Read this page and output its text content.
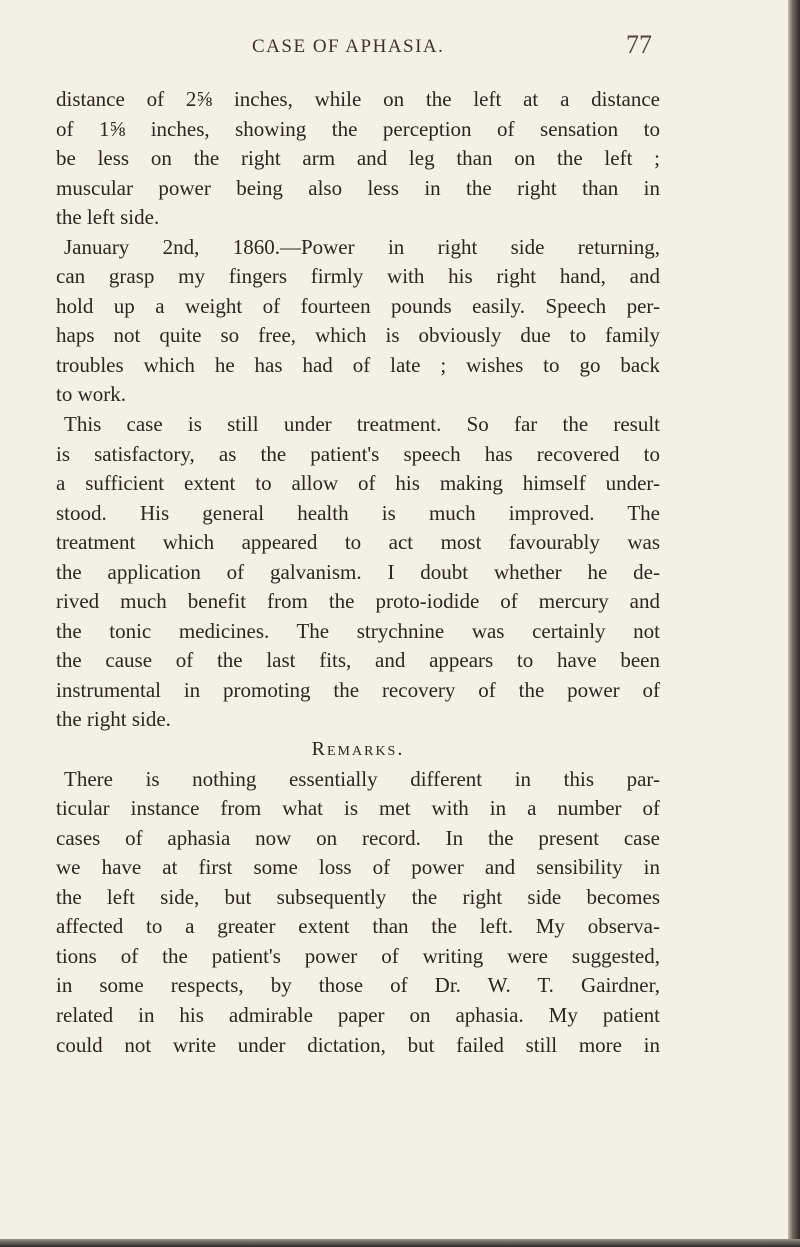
CASE OF APHASIA.	77
distance of 2⅝ inches, while on the left at a distance
of 1⅝ inches, showing the perception of sensation to
be less on the right arm and leg than on the left ;
muscular power being also less in the right than in
the left side.
January 2nd, 1860.—Power in right side returning,
can grasp my fingers firmly with his right hand, and
hold up a weight of fourteen pounds easily. Speech per-
haps not quite so free, which is obviously due to family
troubles which he has had of late ; wishes to go back
to work.
This case is still under treatment. So far the result
is satisfactory, as the patient's speech has recovered to
a sufficient extent to allow of his making himself under-
stood. His general health is much improved. The
treatment which appeared to act most favourably was
the application of galvanism. I doubt whether he de-
rived much benefit from the proto-iodide of mercury and
the tonic medicines. The strychnine was certainly not
the cause of the last fits, and appears to have been
instrumental in promoting the recovery of the power of
the right side.
Remarks.
There is nothing essentially different in this par-
ticular instance from what is met with in a number of
cases of aphasia now on record. In the present case
we have at first some loss of power and sensibility in
the left side, but subsequently the right side becomes
affected to a greater extent than the left. My observa-
tions of the patient's power of writing were suggested,
in some respects, by those of Dr. W. T. Gairdner,
related in his admirable paper on aphasia. My patient
could not write under dictation, but failed still more in
